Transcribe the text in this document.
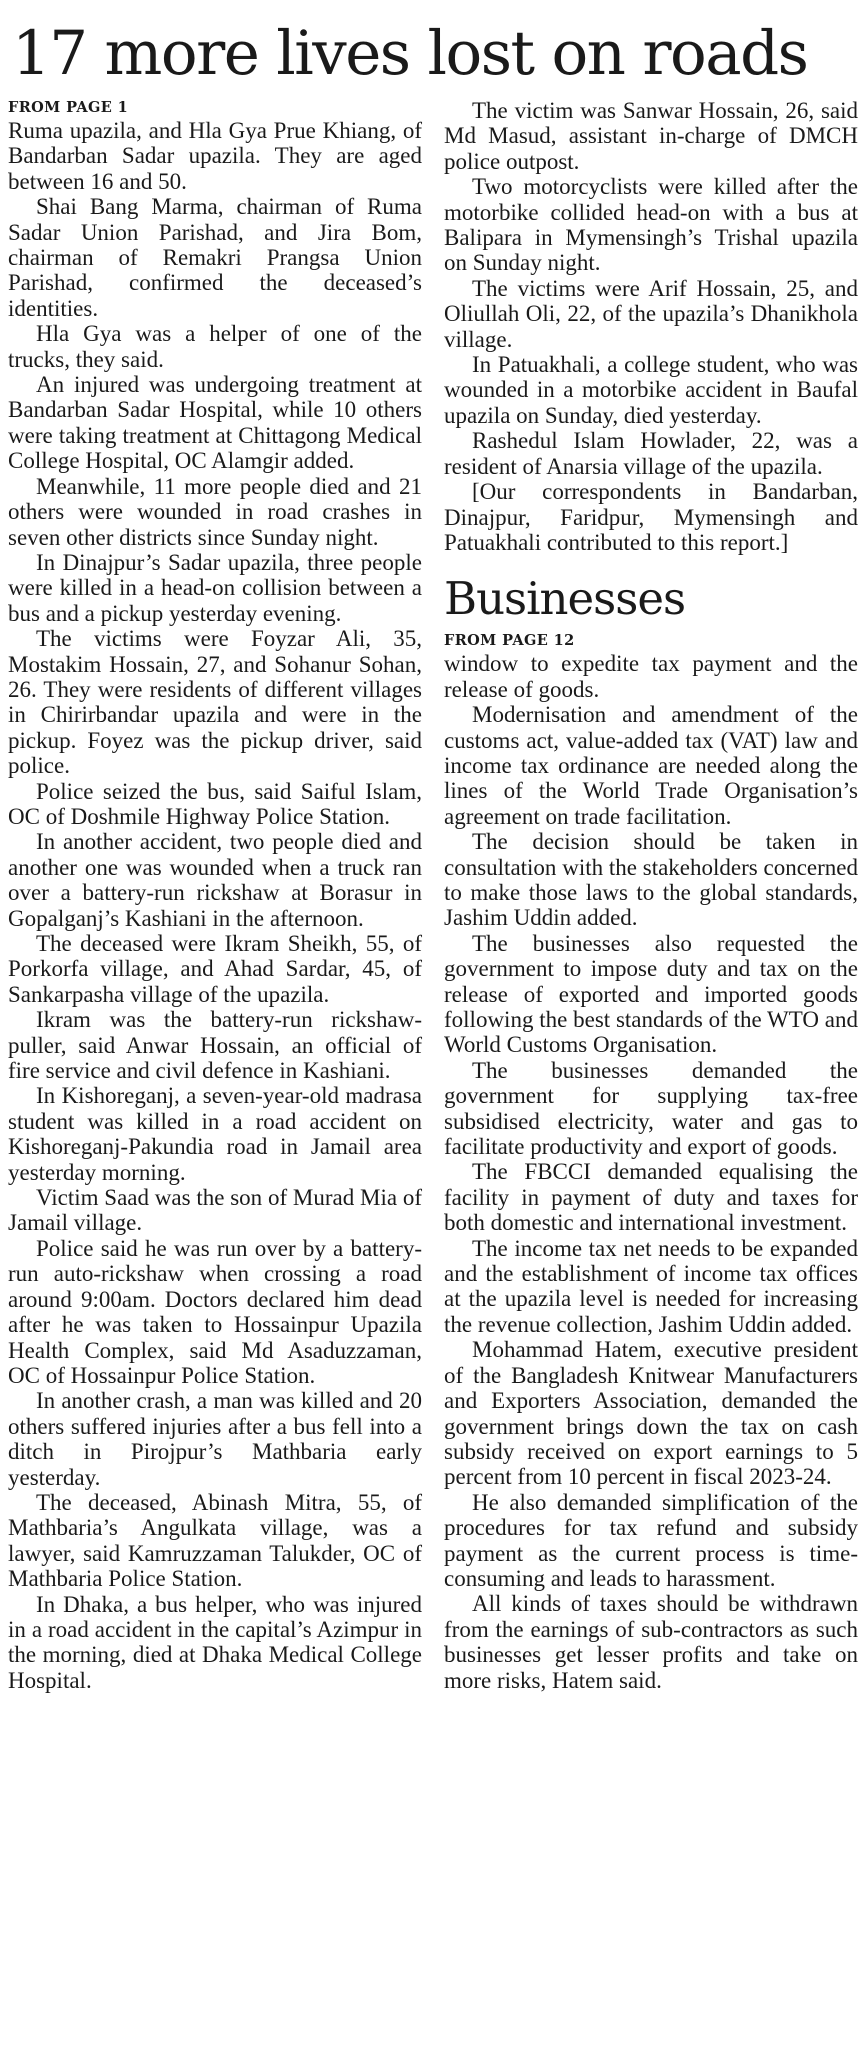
17 more lives lost on roads
FROM PAGE 1

Ruma upazila, and Hla Gya Prue Khiang, of Bandarban Sadar upazila. They are aged between 16 and 50.

Shai Bang Marma, chairman of Ruma Sadar Union Parishad, and Jira Bom, chairman of Remakri Prangsa Union Parishad, confirmed the deceased’s identities.

Hla Gya was a helper of one of the trucks, they said.

An injured was undergoing treatment at Bandarban Sadar Hospital, while 10 others were taking treatment at Chittagong Medical College Hospital, OC Alamgir added.

Meanwhile, 11 more people died and 21 others were wounded in road crashes in seven other districts since Sunday night.

In Dinajpur’s Sadar upazila, three people were killed in a head-on collision between a bus and a pickup yesterday evening.

The victims were Foyzar Ali, 35, Mostakim Hossain, 27, and Sohanur Sohan, 26. They were residents of different villages in Chirirbandar upazila and were in the pickup. Foyez was the pickup driver, said police.

Police seized the bus, said Saiful Islam, OC of Doshmile Highway Police Station.

In another accident, two people died and another one was wounded when a truck ran over a battery-run rickshaw at Borasur in Gopalganj’s Kashiani in the afternoon.

The deceased were Ikram Sheikh, 55, of Porkorfa village, and Ahad Sardar, 45, of Sankarpasha village of the upazila.

Ikram was the battery-run rickshaw-puller, said Anwar Hossain, an official of fire service and civil defence in Kashiani.

In Kishoreganj, a seven-year-old madrasa student was killed in a road accident on Kishoreganj-Pakundia road in Jamail area yesterday morning.

Victim Saad was the son of Murad Mia of Jamail village.

Police said he was run over by a battery-run auto-rickshaw when crossing a road around 9:00am. Doctors declared him dead after he was taken to Hossainpur Upazila Health Complex, said Md Asaduzzaman, OC of Hossainpur Police Station.

In another crash, a man was killed and 20 others suffered injuries after a bus fell into a ditch in Pirojpur’s Mathbaria early yesterday.

The deceased, Abinash Mitra, 55, of Mathbaria’s Angulkata village, was a lawyer, said Kamruzzaman Talukder, OC of Mathbaria Police Station.

In Dhaka, a bus helper, who was injured in a road accident in the capital’s Azimpur in the morning, died at Dhaka Medical College Hospital.

The victim was Sanwar Hossain, 26, said Md Masud, assistant in-charge of DMCH police outpost.

Two motorcyclists were killed after the motorbike collided head-on with a bus at Balipara in Mymensingh’s Trishal upazila on Sunday night.

The victims were Arif Hossain, 25, and Oliullah Oli, 22, of the upazila’s Dhanikhola village.

In Patuakhali, a college student, who was wounded in a motorbike accident in Baufal upazila on Sunday, died yesterday.

Rashedul Islam Howlader, 22, was a resident of Anarsia village of the upazila.

[Our correspondents in Bandarban, Dinajpur, Faridpur, Mymensingh and Patuakhali contributed to this report.]

Businesses
FROM PAGE 12

window to expedite tax payment and the release of goods.

Modernisation and amendment of the customs act, value-added tax (VAT) law and income tax ordinance are needed along the lines of the World Trade Organisation’s agreement on trade facilitation.

The decision should be taken in consultation with the stakeholders concerned to make those laws to the global standards, Jashim Uddin added.

The businesses also requested the government to impose duty and tax on the release of exported and imported goods following the best standards of the WTO and World Customs Organisation.

The businesses demanded the government for supplying tax-free subsidised electricity, water and gas to facilitate productivity and export of goods.

The FBCCI demanded equalising the facility in payment of duty and taxes for both domestic and international investment.

The income tax net needs to be expanded and the establishment of income tax offices at the upazila level is needed for increasing the revenue collection, Jashim Uddin added.

Mohammad Hatem, executive president of the Bangladesh Knitwear Manufacturers and Exporters Association, demanded the government brings down the tax on cash subsidy received on export earnings to 5 percent from 10 percent in fiscal 2023-24.

He also demanded simplification of the procedures for tax refund and subsidy payment as the current process is time-consuming and leads to harassment.

All kinds of taxes should be withdrawn from the earnings of sub-contractors as such businesses get lesser profits and take on more risks, Hatem said.
